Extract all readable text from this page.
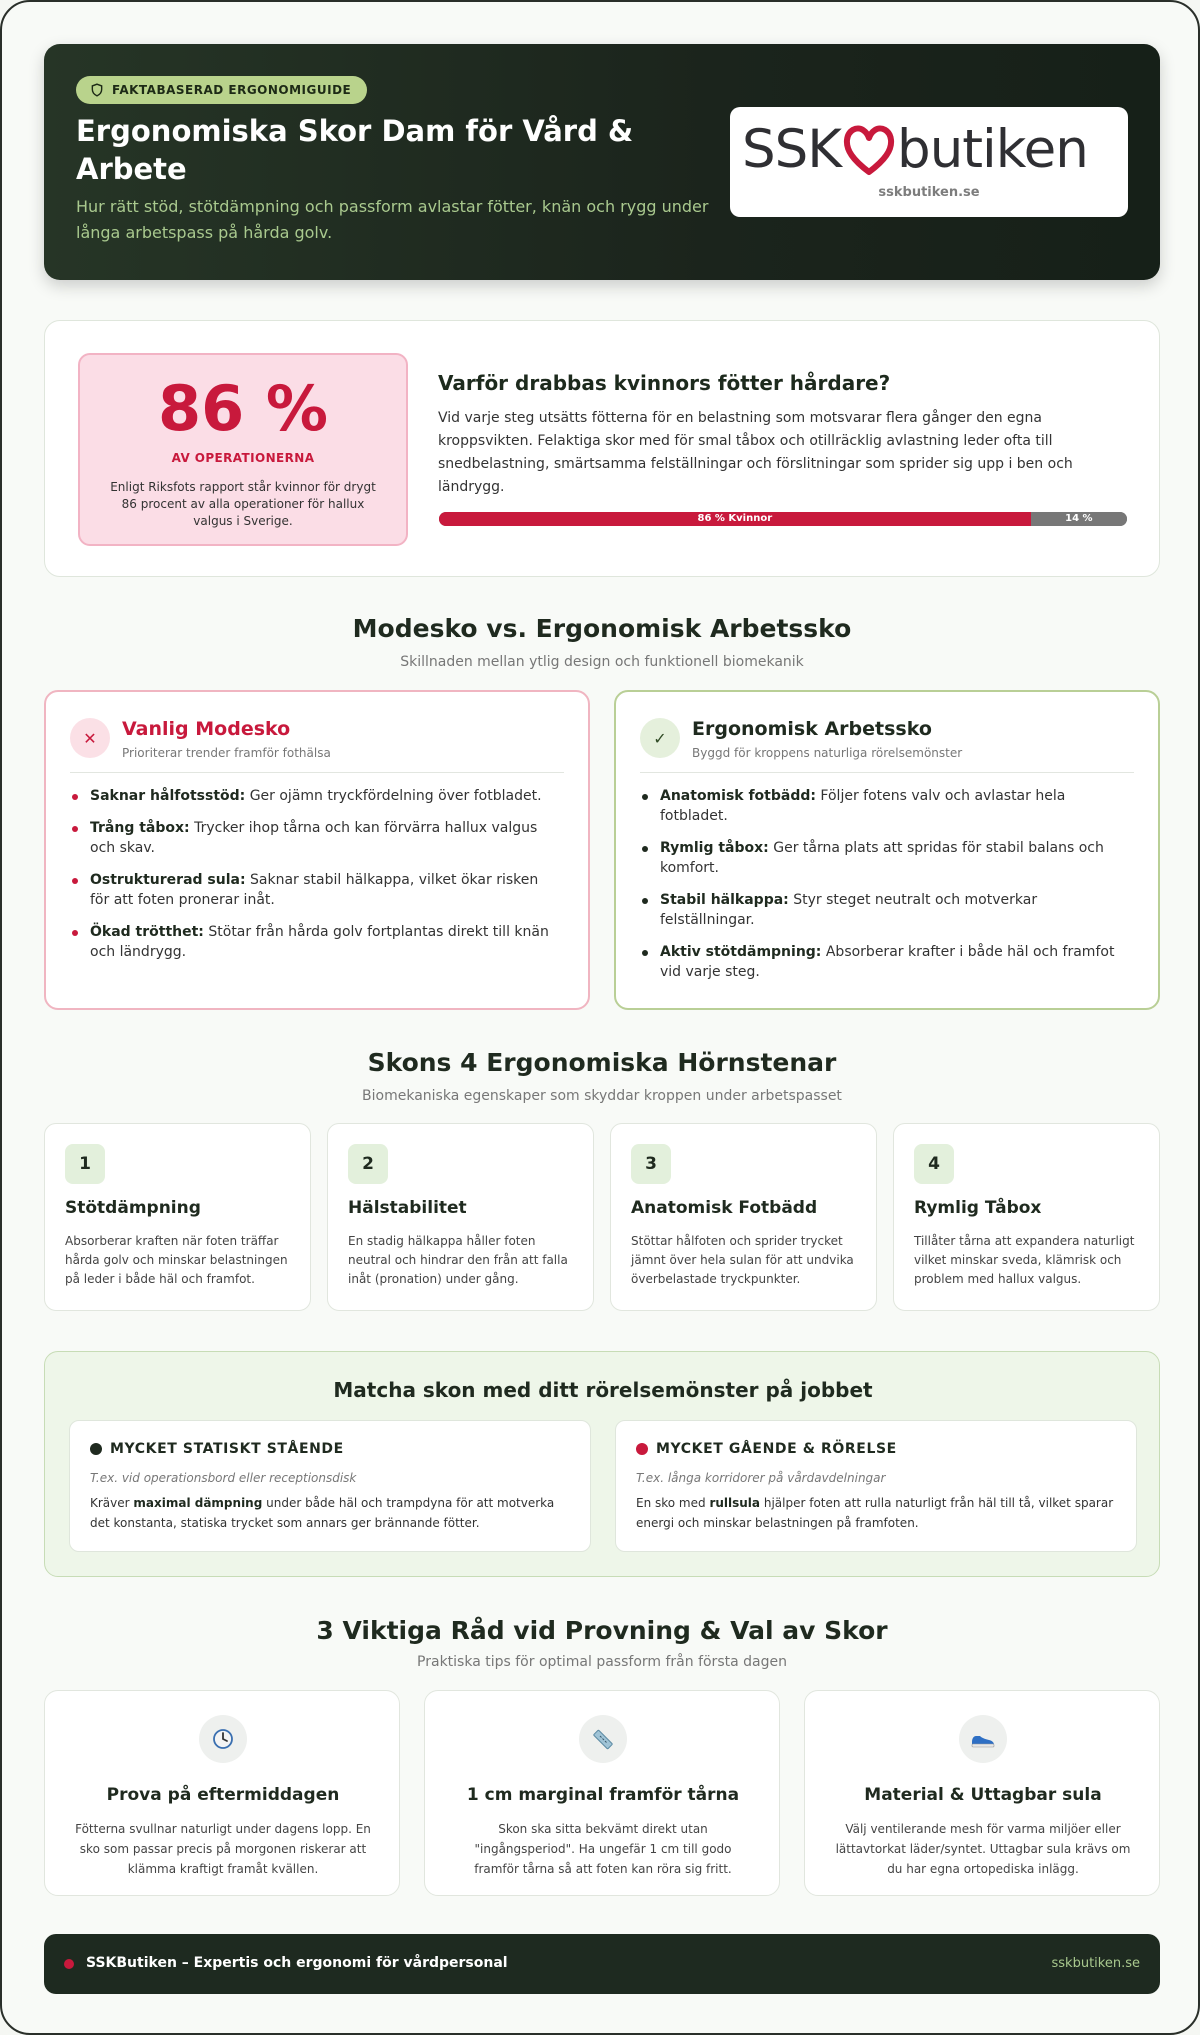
FAKTABASERAD ERGONOMIGUIDE
Ergonomiska Skor Dam för Vård & Arbete
Hur rätt stöd, stötdämpning och passform avlastar fötter, knän och rygg under långa arbetspass på hårda golv.
SSK butiken
sskbutiken.se
86 %
AV OPERATIONERNA
Enligt Riksfots rapport står kvinnor för drygt 86 procent av alla operationer för hallux valgus i Sverige.
Varför drabbas kvinnors fötter hårdare?
Vid varje steg utsätts fötterna för en belastning som motsvarar flera gånger den egna kroppsvikten. Felaktiga skor med för smal tåbox och otillräcklig avlastning leder ofta till snedbelastning, smärtsamma felställningar och förslitningar som sprider sig upp i ben och ländrygg.
86 % Kvinnor	14 %
Modesko vs. Ergonomisk Arbetssko
Skillnaden mellan ytlig design och funktionell biomekanik
✕	Vanlig Modesko
Prioriterar trender framför fothälsa
Saknar hålfotsstöd: Ger ojämn tryckfördelning över fotbladet.
Trång tåbox: Trycker ihop tårna och kan förvärra hallux valgus och skav.
Ostrukturerad sula: Saknar stabil hälkappa, vilket ökar risken för att foten pronerar inåt.
Ökad trötthet: Stötar från hårda golv fortplantas direkt till knän och ländrygg.
✓	Ergonomisk Arbetssko
Byggd för kroppens naturliga rörelsemönster
Anatomisk fotbädd: Följer fotens valv och avlastar hela fotbladet.
Rymlig tåbox: Ger tårna plats att spridas för stabil balans och komfort.
Stabil hälkappa: Styr steget neutralt och motverkar felställningar.
Aktiv stötdämpning: Absorberar krafter i både häl och framfot vid varje steg.
Skons 4 Ergonomiska Hörnstenar
Biomekaniska egenskaper som skyddar kroppen under arbetspasset
1
Stötdämpning
Absorberar kraften när foten träffar hårda golv och minskar belastningen på leder i både häl och framfot.
2
Hälstabilitet
En stadig hälkappa håller foten neutral och hindrar den från att falla inåt (pronation) under gång.
3
Anatomisk Fotbädd
Stöttar hålfoten och sprider trycket jämnt över hela sulan för att undvika överbelastade tryckpunkter.
4
Rymlig Tåbox
Tillåter tårna att expandera naturligt vilket minskar sveda, klämrisk och problem med hallux valgus.
Matcha skon med ditt rörelsemönster på jobbet
MYCKET STATISKT STÅENDE
T.ex. vid operationsbord eller receptionsdisk
Kräver maximal dämpning under både häl och trampdyna för att motverka det konstanta, statiska trycket som annars ger brännande fötter.
MYCKET GÅENDE & RÖRELSE
T.ex. långa korridorer på vårdavdelningar
En sko med rullsula hjälper foten att rulla naturligt från häl till tå, vilket sparar energi och minskar belastningen på framfoten.
3 Viktiga Råd vid Provning & Val av Skor
Praktiska tips för optimal passform från första dagen
Prova på eftermiddagen
Fötterna svullnar naturligt under dagens lopp. En sko som passar precis på morgonen riskerar att klämma kraftigt framåt kvällen.
1 cm marginal framför tårna
Skon ska sitta bekvämt direkt utan "ingångsperiod". Ha ungefär 1 cm till godo framför tårna så att foten kan röra sig fritt.
Material & Uttagbar sula
Välj ventilerande mesh för varma miljöer eller lättavtorkat läder/syntet. Uttagbar sula krävs om du har egna ortopediska inlägg.
SSKButiken – Expertis och ergonomi för vårdpersonal	sskbutiken.se
